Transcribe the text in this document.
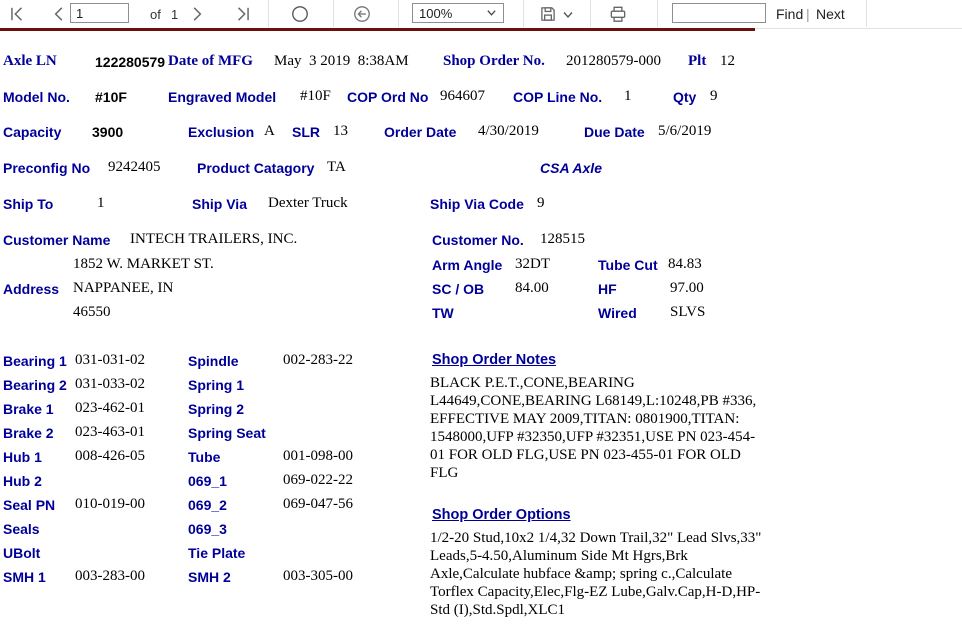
1
of 1	100%	Find | Next
Axle LN	122280579 Date of MFG May  3 2019  8:38AM Shop Order No. 201280579-000 Plt 12
Model No. #10F	Engraved Model #10F COP Ord No 964607 COP Line No. 1	Qty 9
Capacity 3900	Exclusion A SLR 13	Order Date 4/30/2019	Due Date 5/6/2019
Preconfig No 9242405	Product Catagory TA	CSA Axle
Ship To	1	Ship Via Dexter Truck	Ship Via Code 9
Customer Name INTECH TRAILERS, INC.	Customer No. 128515
1852 W. MARKET ST.	Arm Angle 32DT	Tube Cut 84.83
Address NAPPANEE, IN	SC / OB 84.00	HF	97.00
46550	TW	Wired SLVS
Bearing 1 031-031-02
Bearing 2 031-033-02
Brake 1 023-462-01
Brake 2 023-463-01
Hub 1 008-426-05
Hub 2
Seal PN 010-019-00
Seals
UBolt
SMH 1 003-283-00
Spindle	002-283-22
Spring 1
Spring 2
Spring Seat
Tube	001-098-00
069_1	069-022-22
069_2	069-047-56
069_3
Tie Plate
SMH 2	003-305-00
Shop Order Notes
BLACK P.E.T.,CONE,BEARING L44649,CONE,BEARING L68149,L:10248,PB #336, EFFECTIVE MAY 2009,TITAN: 0801900,TITAN: 1548000,UFP #32350,UFP #32351,USE PN 023-454-01 FOR OLD FLG,USE PN 023-455-01 FOR OLD FLG
Shop Order Options
1/2-20 Stud,10x2 1/4,32 Down Trail,32" Lead Slvs,33" Leads,5-4.50,Aluminum Side Mt Hgrs,Brk Axle,Calculate hubface &amp; spring c.,Calculate Torflex Capacity,Elec,Flg-EZ Lube,Galv.Cap,H-D,HP-Std (I),Std.Spdl,XLC1
